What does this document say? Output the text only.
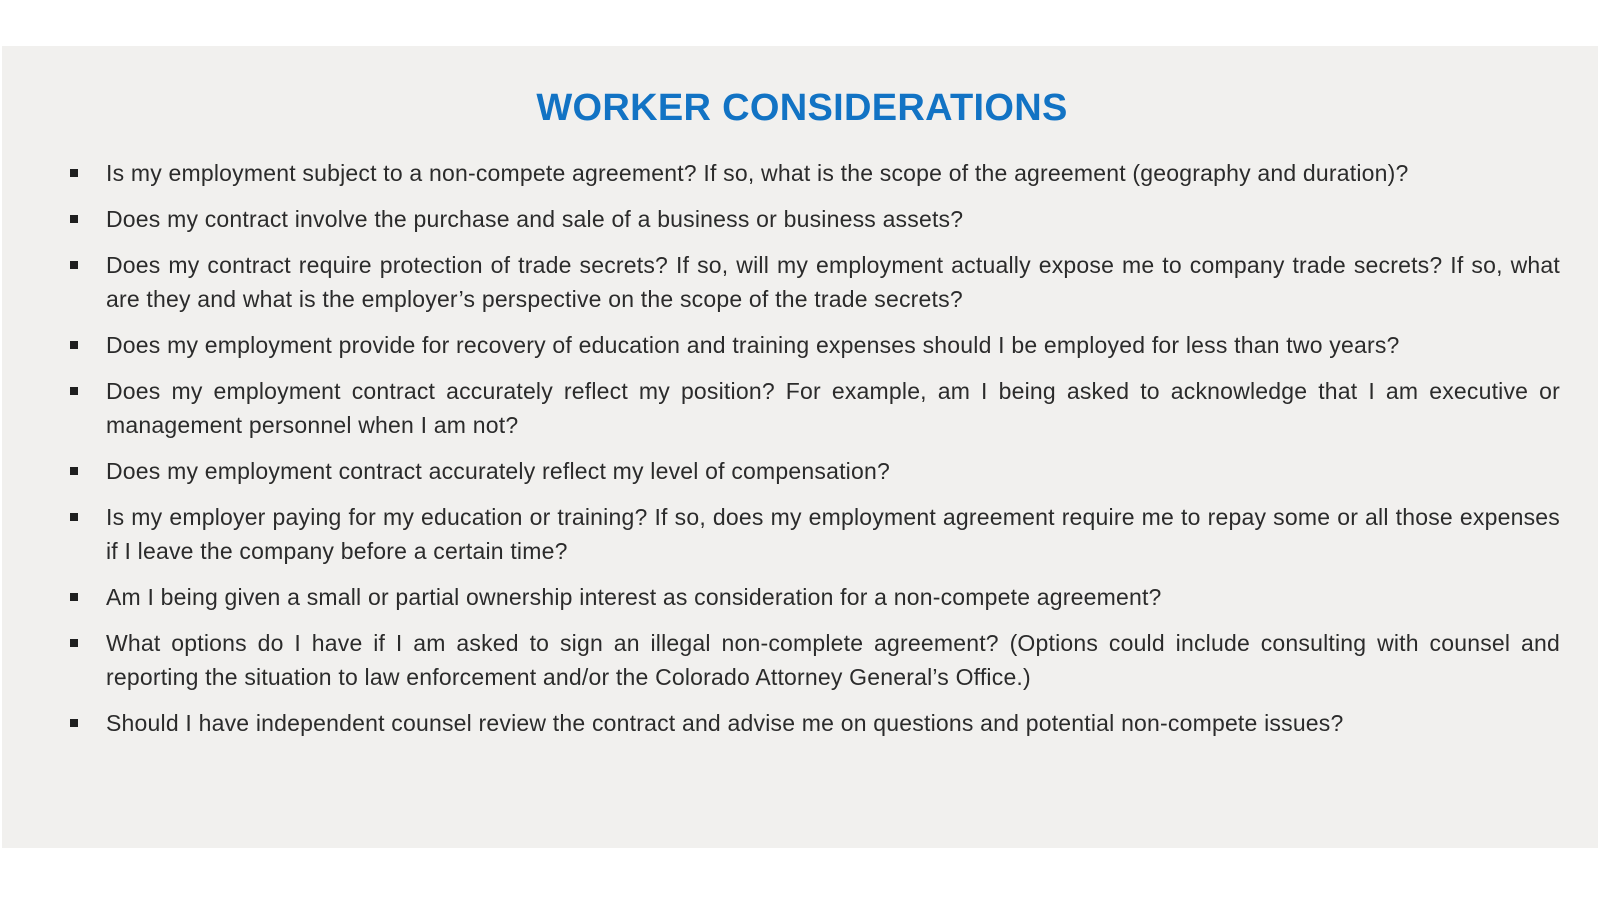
WORKER CONSIDERATIONS
Is my employment subject to a non-compete agreement? If so, what is the scope of the agreement (geography and duration)?
Does my contract involve the purchase and sale of a business or business assets?
Does my contract require protection of trade secrets? If so, will my employment actually expose me to company trade secrets? If so, what are they and what is the employer’s perspective on the scope of the trade secrets?
Does my employment provide for recovery of education and training expenses should I be employed for less than two years?
Does my employment contract accurately reflect my position? For example, am I being asked to acknowledge that I am executive or management personnel when I am not?
Does my employment contract accurately reflect my level of compensation?
Is my employer paying for my education or training? If so, does my employment agreement require me to repay some or all those expenses if I leave the company before a certain time?
Am I being given a small or partial ownership interest as consideration for a non-compete agreement?
What options do I have if I am asked to sign an illegal non-complete agreement? (Options could include consulting with counsel and reporting the situation to law enforcement and/or the Colorado Attorney General’s Office.)
Should I have independent counsel review the contract and advise me on questions and potential non-compete issues?
